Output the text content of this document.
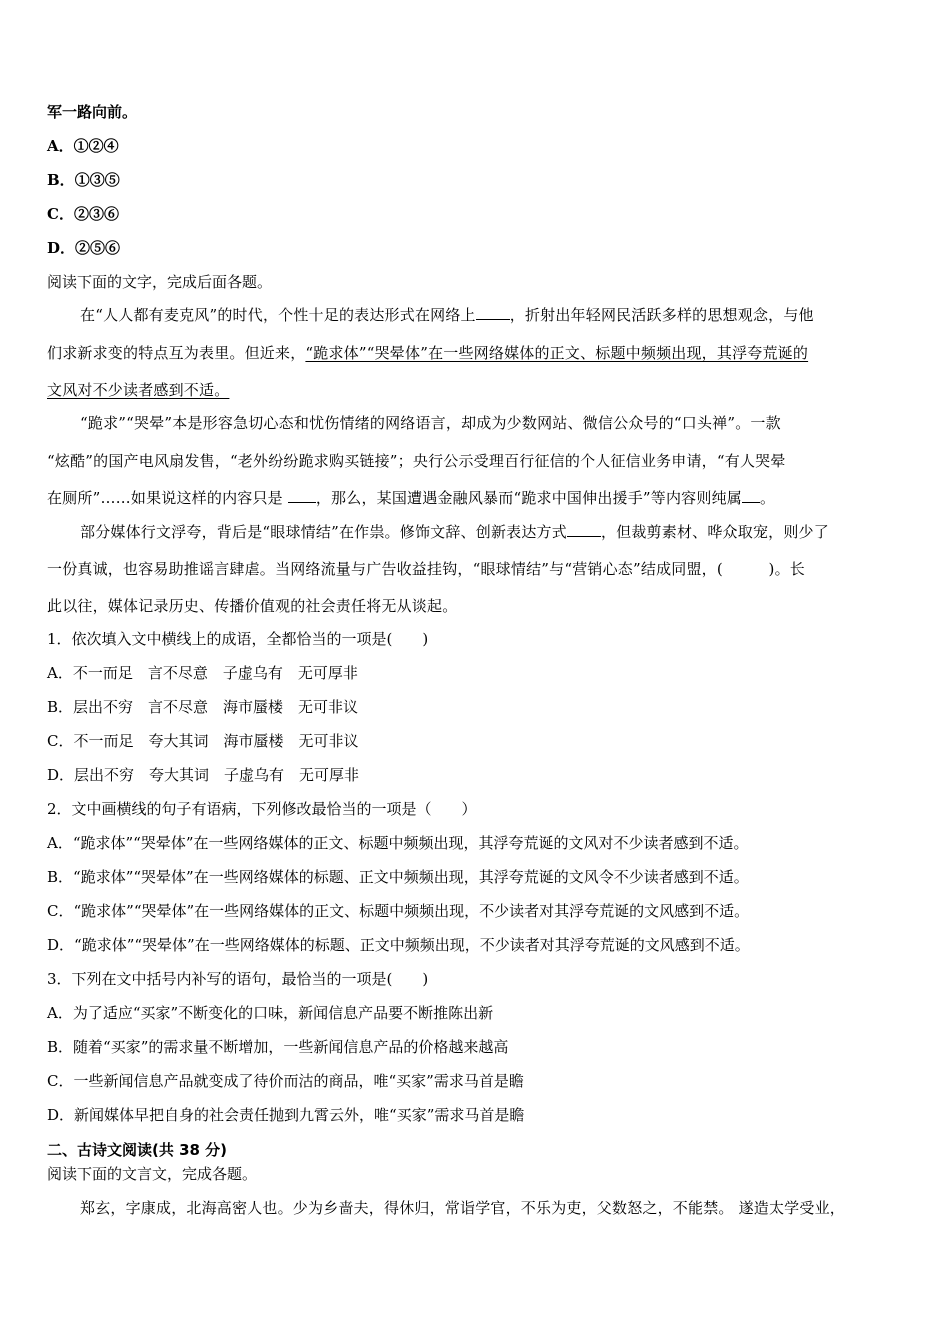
军一路向前。
A．①②④
B．①③⑤
C．②③⑥
D．②⑤⑥
阅读下面的文字，完成后面各题。
在“人人都有麦克风”的时代，个性十足的表达形式在网络上 ，折射出年轻网民活跃多样的思想观念，与他
们求新求变的特点互为表里。但近来，“跪求体”“哭晕体”在一些网络媒体的正文、标题中频频出现，其浮夸荒诞的
文风对不少读者感到不适。
“跪求”“哭晕”本是形容急切心态和忧伤情绪的网络语言，却成为少数网站、微信公众号的“口头禅”。一款
“炫酷”的国产电风扇发售，“老外纷纷跪求购买链接”；央行公示受理百行征信的个人征信业务申请，“有人哭晕
在厕所”……如果说这样的内容只是 ，那么，某国遭遇金融风暴而“跪求中国伸出援手”等内容则纯属 。
部分媒体行文浮夸，背后是“眼球情结”在作祟。修饰文辞、创新表达方式 ，但裁剪素材、哗众取宠，则少了
一份真诚，也容易助推谣言肆虐。当网络流量与广告收益挂钩，“眼球情结”与“营销心态”结成同盟，(　　　)。长
此以往，媒体记录历史、传播价值观的社会责任将无从谈起。
1．依次填入文中横线上的成语，全都恰当的一项是(　　)
A．不一而足　言不尽意　子虚乌有　无可厚非
B．层出不穷　言不尽意　海市蜃楼　无可非议
C．不一而足　夸大其词　海市蜃楼　无可非议
D．层出不穷　夸大其词　子虚乌有　无可厚非
2．文中画横线的句子有语病，下列修改最恰当的一项是（　　）
A．“跪求体”“哭晕体”在一些网络媒体的正文、标题中频频出现，其浮夸荒诞的文风对不少读者感到不适。
B．“跪求体”“哭晕体”在一些网络媒体的标题、正文中频频出现，其浮夸荒诞的文风令不少读者感到不适。
C．“跪求体”“哭晕体”在一些网络媒体的正文、标题中频频出现，不少读者对其浮夸荒诞的文风感到不适。
D．“跪求体”“哭晕体”在一些网络媒体的标题、正文中频频出现，不少读者对其浮夸荒诞的文风感到不适。
3．下列在文中括号内补写的语句，最恰当的一项是(　　)
A．为了适应“买家”不断变化的口味，新闻信息产品要不断推陈出新
B．随着“买家”的需求量不断增加，一些新闻信息产品的价格越来越高
C．一些新闻信息产品就变成了待价而沽的商品，唯“买家”需求马首是瞻
D．新闻媒体早把自身的社会责任抛到九霄云外，唯“买家”需求马首是瞻
二、古诗文阅读(共 38 分)
阅读下面的文言文，完成各题。
郑玄，字康成，北海高密人也。少为乡啬夫，得休归，常诣学官，不乐为吏，父数怒之，不能禁。 遂造太学受业，
